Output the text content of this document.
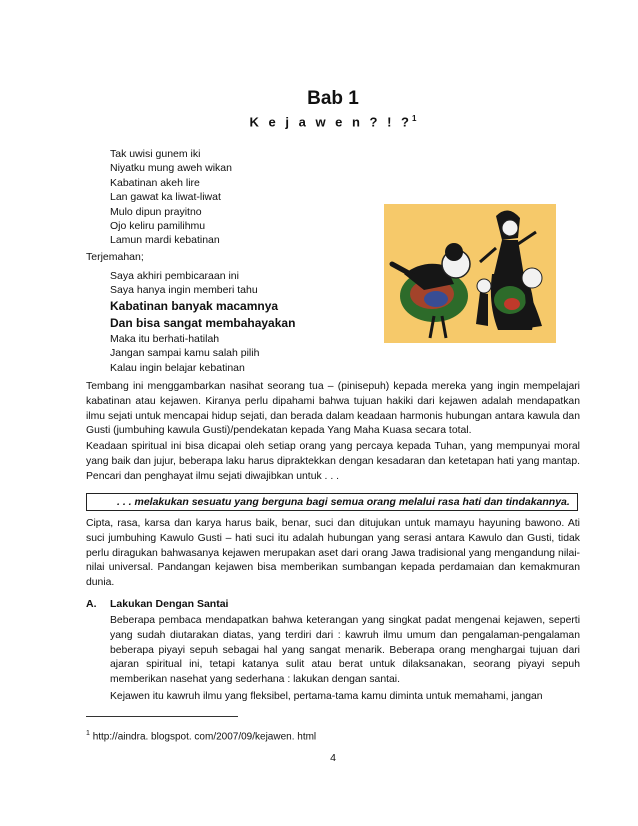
Bab 1
K e j a w e n ? ! ?$^1$
Tak uwisi gunem iki
Niyatku mung aweh wikan
Kabatinan akeh lire
Lan gawat ka liwat-liwat
Mulo dipun prayitno
Ojo keliru pamilihmu
Lamun mardi kebatinan
Terjemahan;
Saya akhiri pembicaraan ini
Saya hanya ingin memberi tahu
Kabatinan banyak macamnya
Dan bisa sangat membahayakan
Maka itu berhati-hatilah
Jangan sampai kamu salah pilih
Kalau ingin belajar kebatinan
Tembang ini menggambarkan nasihat seorang tua – (pinisepuh) kepada mereka yang ingin mempelajari kabatinan atau kejawen. Kiranya perlu dipahami bahwa tujuan hakiki dari kejawen adalah mendapatkan ilmu sejati untuk mencapai hidup sejati, dan berada dalam keadaan harmonis hubungan antara kawula dan Gusti (jumbuhing kawula Gusti)/pendekatan kepada Yang Maha Kuasa secara total.
Keadaan spiritual ini bisa dicapai oleh setiap orang yang percaya kepada Tuhan, yang mempunyai moral yang baik dan jujur, beberapa laku harus dipraktekkan dengan kesadaran dan ketetapan hati yang mantap. Pencari dan penghayat ilmu sejati diwajibkan untuk . . .
. . . melakukan sesuatu yang berguna bagi semua orang melalui rasa hati dan tindakannya.
Cipta, rasa, karsa dan karya harus baik, benar, suci dan ditujukan untuk mamayu hayuning bawono. Ati suci jumbuhing Kawulo Gusti – hati suci itu adalah hubungan yang serasi antara Kawulo dan Gusti, tidak perlu diragukan bahwasanya kejawen merupakan aset dari orang Jawa tradisional yang mengandung nilai-nilai universal. Pandangan kejawen bisa memberikan sumbangan kepada perdamaian dan kemakmuran dunia.
A. Lakukan Dengan Santai
Beberapa pembaca mendapatkan bahwa keterangan yang singkat padat mengenai kejawen, seperti yang sudah diutarakan diatas, yang terdiri dari : kawruh ilmu umum dan pengalaman-pengalaman beberapa piyayi sepuh sebagai hal yang sangat menarik. Beberapa orang menghargai tujuan dari ajaran spiritual ini, tetapi katanya sulit atau berat untuk dilaksanakan, seorang piyayi sepuh memberikan nasehat yang sederhana : lakukan dengan santai.
Kejawen itu kawruh ilmu yang fleksibel, pertama-tama kamu diminta untuk memahami, jangan
$^1$ http://aindra. blogspot. com/2007/09/kejawen. html
4
